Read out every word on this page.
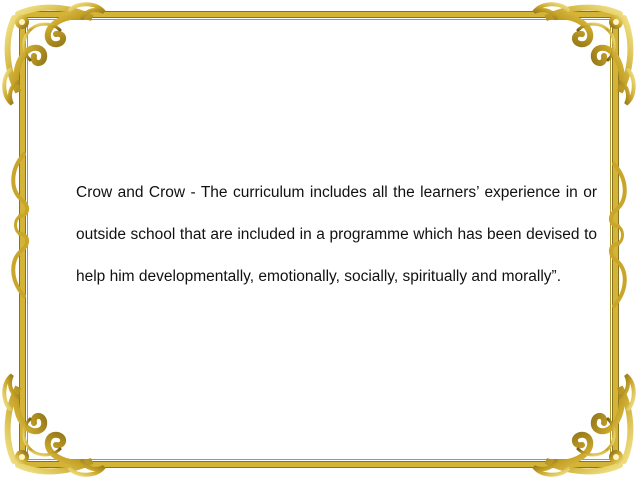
Crow and Crow - The curriculum includes all the learners’ experience in or outside school that are included in a programme which has been devised to help him developmentally, emotionally, socially, spiritually and morally”.
